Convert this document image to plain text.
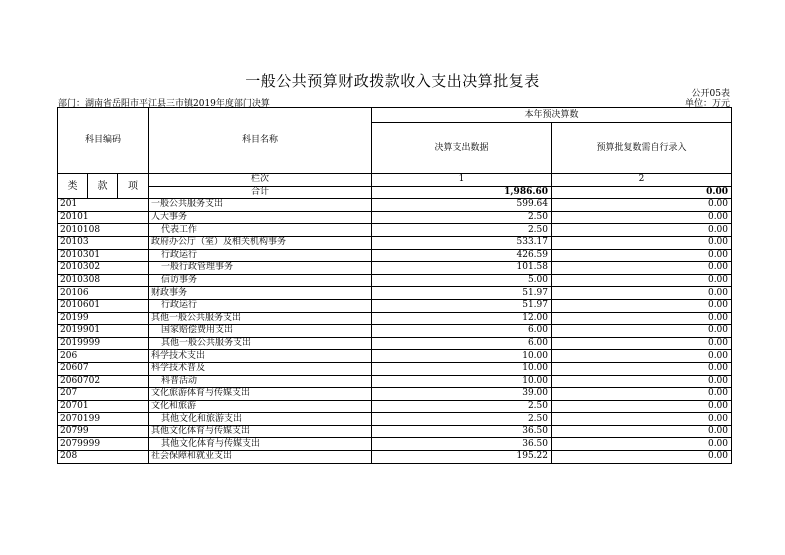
一般公共预算财政拨款收入支出决算批复表
公开05表
部门：湖南省岳阳市平江县三市镇2019年度部门决算	单位：万元
科目编码			科目名称	本年预决算数	
				决算支出数据	预算批复数需自行录入
类	款	项	栏次	1	2
			合计	1,986.60	0.00
201			一般公共服务支出	599.64	0.00
20101			人大事务	2.50	0.00
2010108			代表工作	2.50	0.00
20103			政府办公厅（室）及相关机构事务	533.17	0.00
2010301			行政运行	426.59	0.00
2010302			一般行政管理事务	101.58	0.00
2010308			信访事务	5.00	0.00
20106			财政事务	51.97	0.00
2010601			行政运行	51.97	0.00
20199			其他一般公共服务支出	12.00	0.00
2019901			国家赔偿费用支出	6.00	0.00
2019999			其他一般公共服务支出	6.00	0.00
206			科学技术支出	10.00	0.00
20607			科学技术普及	10.00	0.00
2060702			科普活动	10.00	0.00
207			文化旅游体育与传媒支出	39.00	0.00
20701			文化和旅游	2.50	0.00
2070199			其他文化和旅游支出	2.50	0.00
20799			其他文化体育与传媒支出	36.50	0.00
2079999			其他文化体育与传媒支出	36.50	0.00
208			社会保障和就业支出	195.22	0.00
